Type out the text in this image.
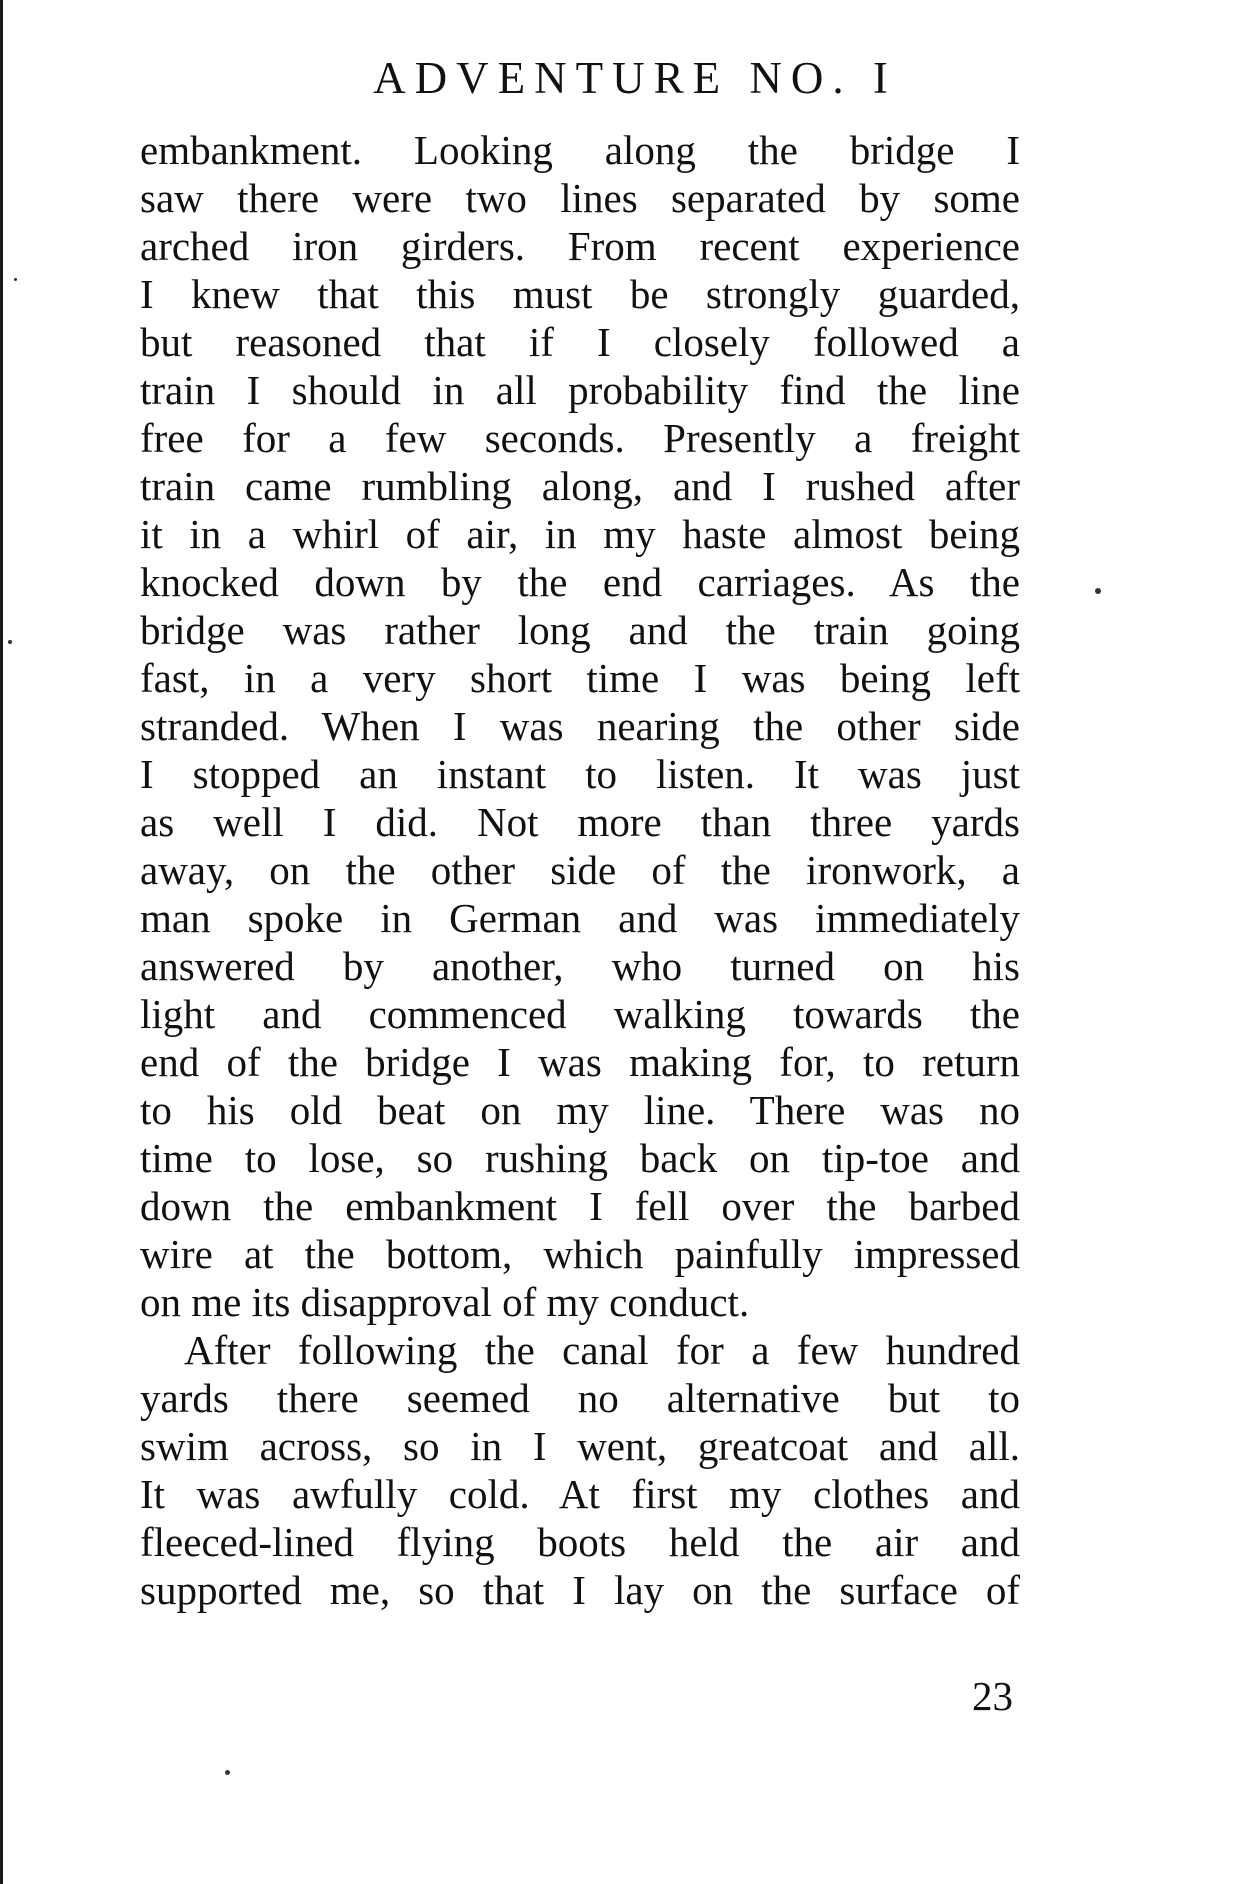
ADVENTURE NO. I
embankment. Looking along the bridge I
saw there were two lines separated by some
arched iron girders. From recent experience
I knew that this must be strongly guarded,
but reasoned that if I closely followed a
train I should in all probability find the line
free for a few seconds. Presently a freight
train came rumbling along, and I rushed after
it in a whirl of air, in my haste almost being
knocked down by the end carriages. As the
bridge was rather long and the train going
fast, in a very short time I was being left
stranded. When I was nearing the other side
I stopped an instant to listen. It was just
as well I did. Not more than three yards
away, on the other side of the ironwork, a
man spoke in German and was immediately
answered by another, who turned on his
light and commenced walking towards the
end of the bridge I was making for, to return
to his old beat on my line. There was no
time to lose, so rushing back on tip-toe and
down the embankment I fell over the barbed
wire at the bottom, which painfully impressed
on me its disapproval of my conduct.
After following the canal for a few hundred
yards there seemed no alternative but to
swim across, so in I went, greatcoat and all.
It was awfully cold. At first my clothes and
fleeced-lined flying boots held the air and
supported me, so that I lay on the surface of
23
